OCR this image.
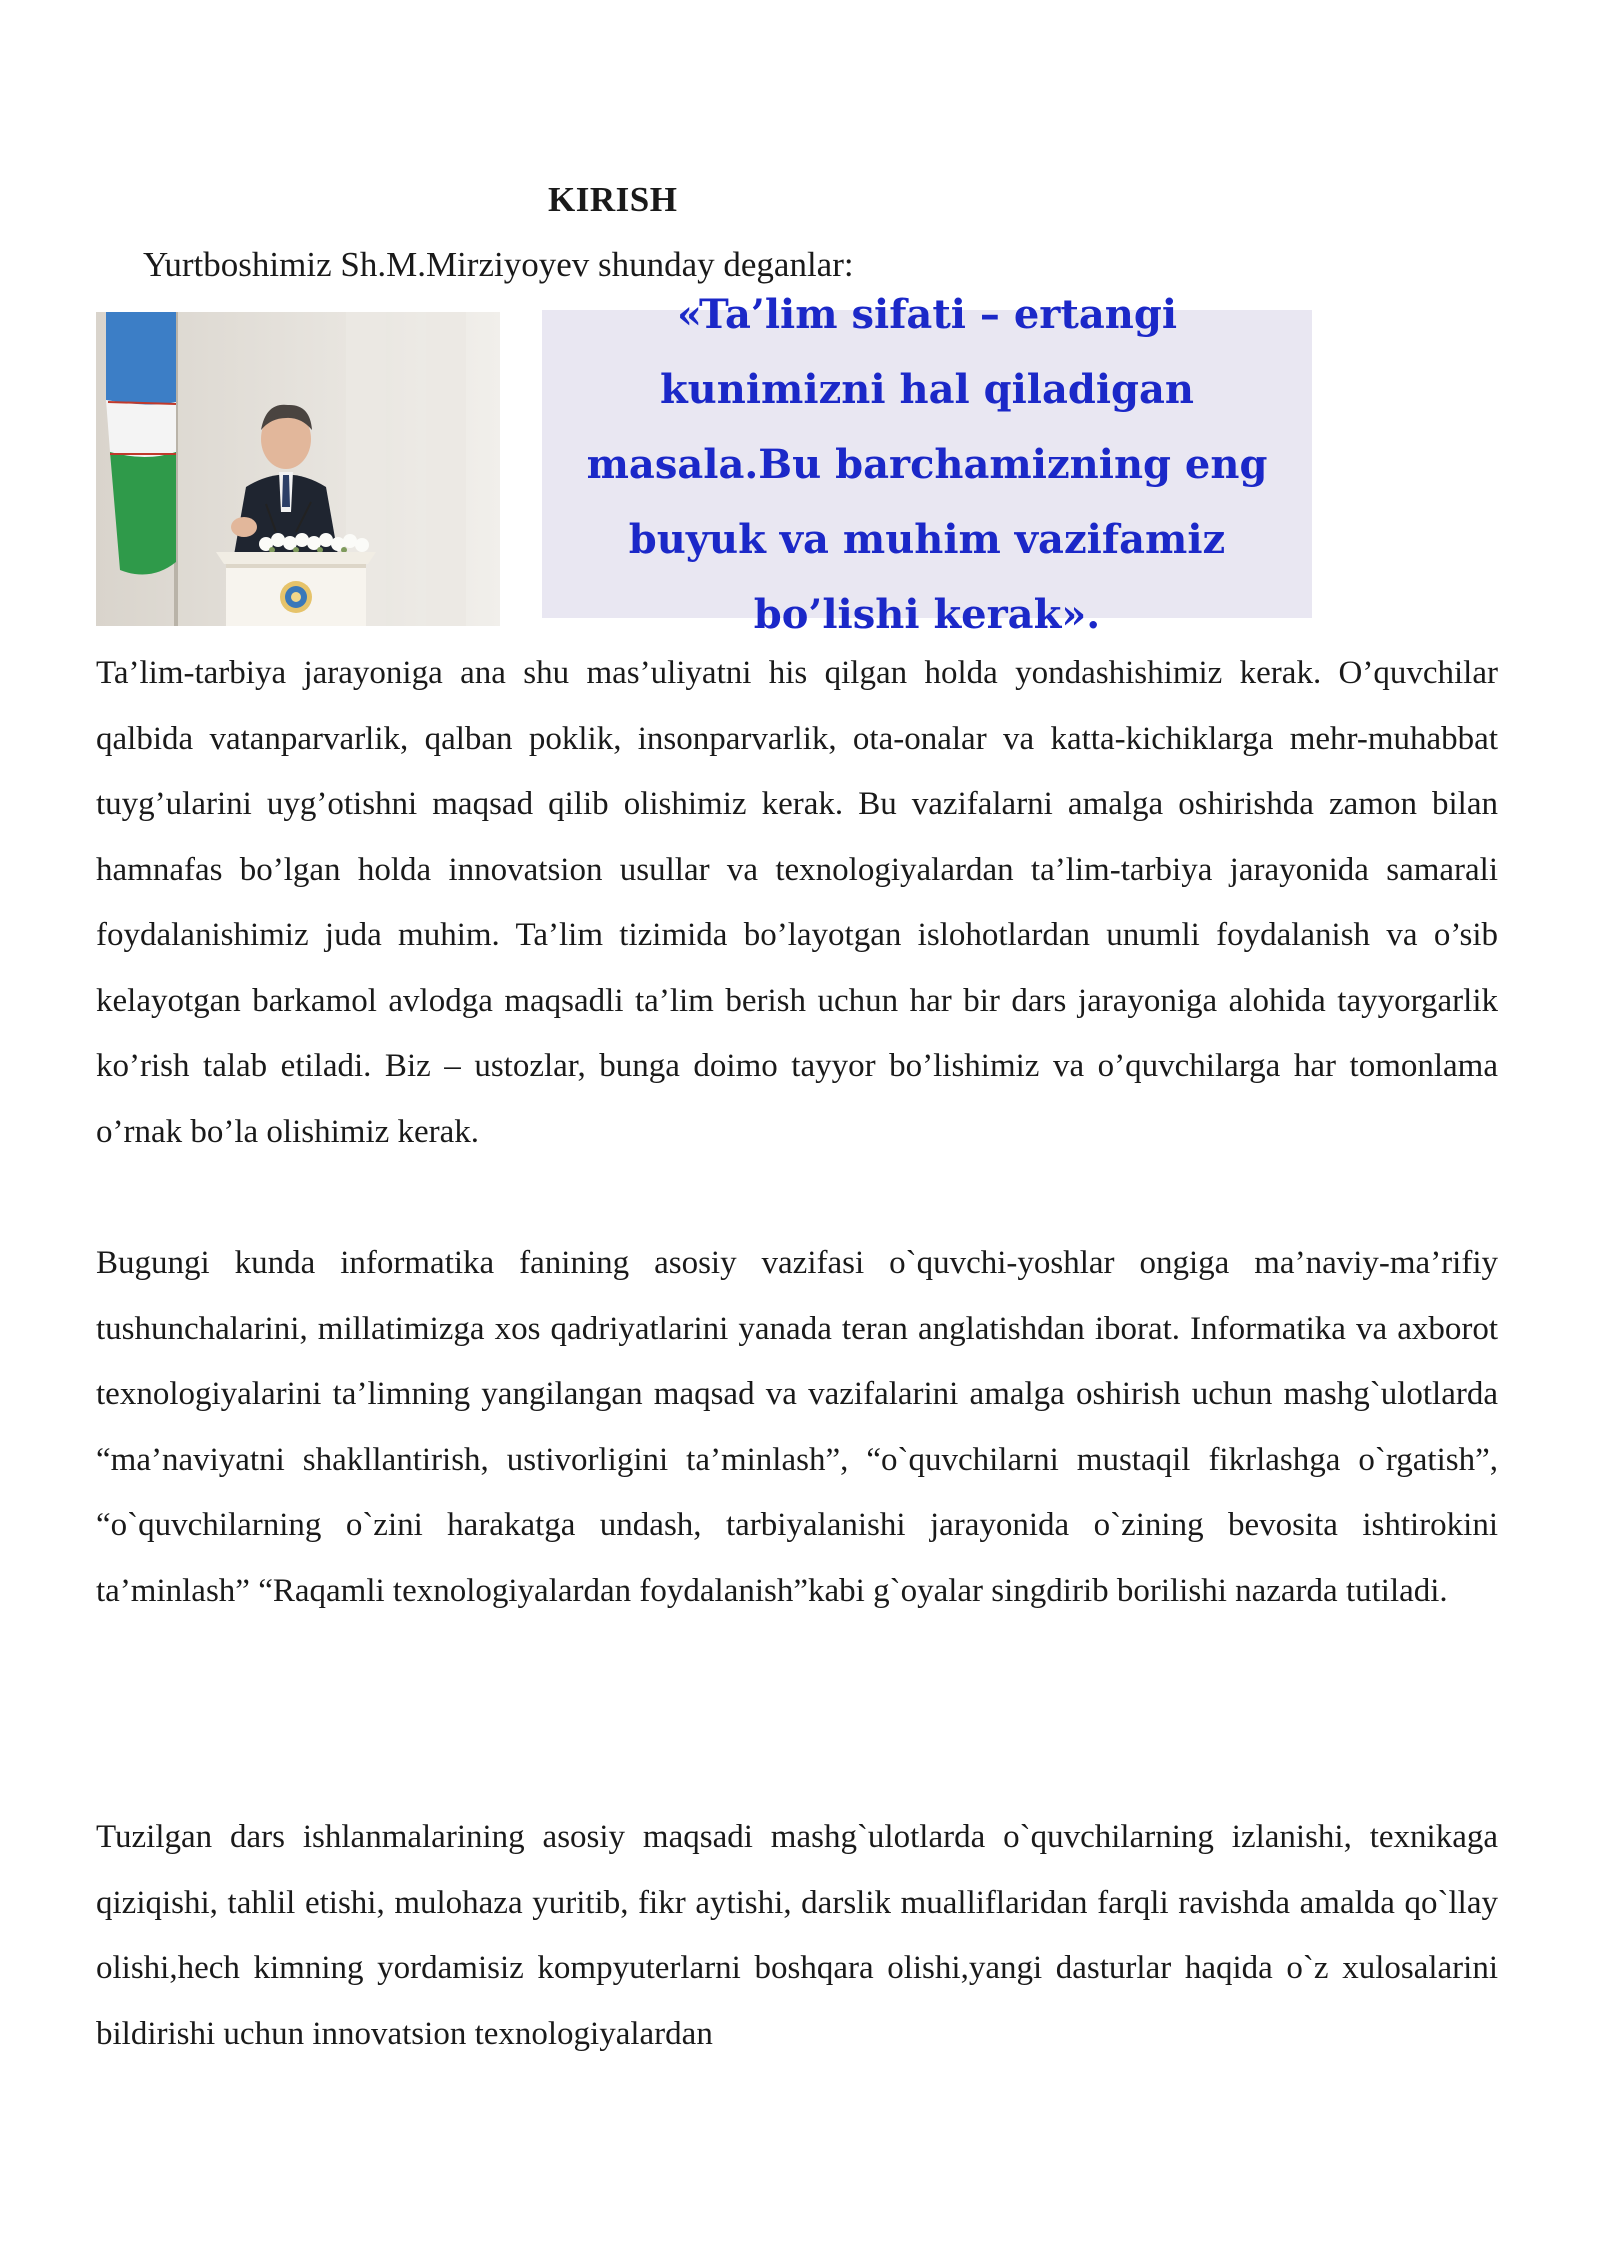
KIRISH
Yurtboshimiz Sh.M.Mirziyoyev shunday deganlar:

«Ta’lim sifati – ertangi kunimizni hal qiladigan masala.Bu barchamizning eng buyuk va muhim vazifamiz bo’lishi kerak».

Ta’lim-tarbiya jarayoniga ana shu mas’uliyatni his qilgan holda yondashishimiz kerak. O’quvchilar qalbida vatanparvarlik, qalban poklik, insonparvarlik, ota-onalar va katta-kichiklarga mehr-muhabbat tuyg’ularini uyg’otishni maqsad qilib olishimiz kerak. Bu vazifalarni amalga oshirishda zamon bilan hamnafas bo’lgan holda innovatsion usullar va texnologiyalardan ta’lim-tarbiya jarayonida samarali foydalanishimiz juda muhim. Ta’lim tizimida bo’layotgan islohotlardan unumli foydalanish va o’sib kelayotgan barkamol avlodga maqsadli ta’lim berish uchun har bir dars jarayoniga alohida tayyorgarlik ko’rish talab etiladi. Biz – ustozlar, bunga doimo tayyor bo’lishimiz va o’quvchilarga har tomonlama o’rnak bo’la olishimiz kerak.

Bugungi kunda informatika fanining asosiy vazifasi o`quvchi-yoshlar ongiga ma’naviy-ma’rifiy tushunchalarini, millatimizga xos qadriyatlarini yanada teran anglatishdan iborat. Informatika va axborot texnologiyalarini ta’limning yangilangan maqsad va vazifalarini amalga oshirish uchun mashg`ulotlarda “ma’naviyatni shakllantirish, ustivorligini ta’minlash”, “o`quvchilarni mustaqil fikrlashga o`rgatish”, “o`quvchilarning o`zini harakatga undash, tarbiyalanishi jarayonida o`zining bevosita ishtirokini ta’minlash” “Raqamli texnologiyalardan foydalanish”kabi g`oyalar singdirib borilishi nazarda tutiladi.

Tuzilgan dars ishlanmalarining asosiy maqsadi mashg`ulotlarda o`quvchilarning izlanishi, texnikaga qiziqishi, tahlil etishi, mulohaza yuritib, fikr aytishi, darslik mualliflaridan farqli ravishda amalda qo`llay olishi,hech kimning yordamisiz kompyuterlarni boshqara olishi,yangi dasturlar haqida o`z xulosalarini bildirishi uchun innovatsion texnologiyalardan
